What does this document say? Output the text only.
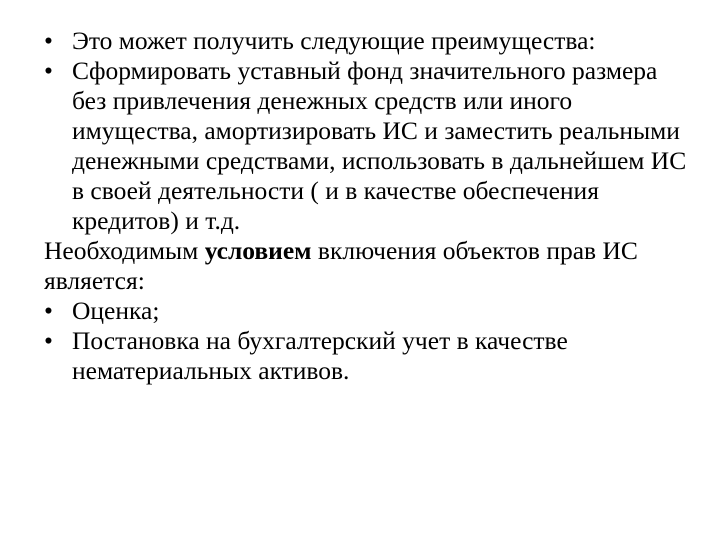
• Это может получить следующие преимущества:
• Сформировать уставный фонд значительного размера без привлечения денежных средств или иного имущества, амортизировать ИС и заместить реальными денежными средствами, использовать в дальнейшем ИС в своей деятельности ( и в качестве обеспечения кредитов) и т.д.
Необходимым условием включения объектов прав ИС является:
• Оценка;
• Постановка на бухгалтерский учет в качестве нематериальных активов.
